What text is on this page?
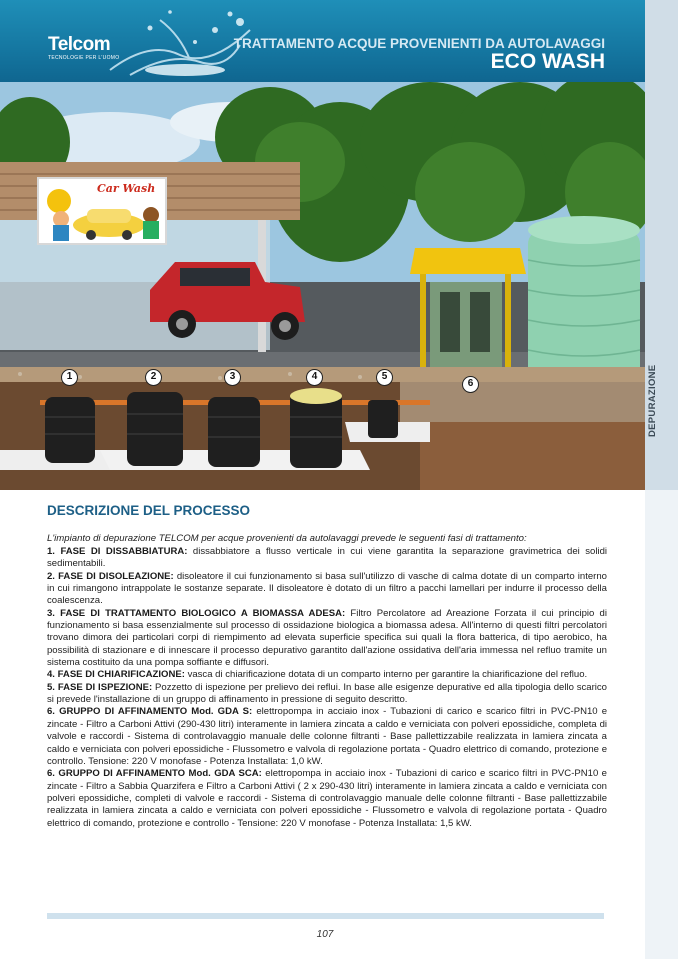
Telcom
TECNOLOGIE PER L'UOMO
TRATTAMENTO ACQUE PROVENIENTI DA AUTOLAVAGGI
ECO WASH
Car Wash
1	2	3	4	5
6
DESCRIZIONE DEL PROCESSO
L'impianto di depurazione TELCOM per acque provenienti da autolavaggi prevede le seguenti fasi di trattamento:

1. FASE DI DISSABBIATURA: dissabbiatore a flusso verticale in cui viene garantita la separazione gravimetrica dei solidi sedimentabili.

2. FASE DI DISOLEAZIONE: disoleatore il cui funzionamento si basa sull'utilizzo di vasche di calma dotate di un comparto interno in cui rimangono intrappolate le sostanze separate. Il disoleatore è dotato di un filtro a pacchi lamellari per indurre il processo della coalescenza.

3. FASE DI TRATTAMENTO BIOLOGICO A BIOMASSA ADESA: Filtro Percolatore ad Areazione Forzata il cui principio di funzionamento si basa essenzialmente sul processo di ossidazione biologica a biomassa adesa. All'interno di questi filtri percolatori trovano dimora dei particolari corpi di riempimento ad elevata superficie specifica sui quali la flora batterica, di tipo aerobico, ha possibilità di stazionare e di innescare il processo depurativo garantito dall'azione ossidativa dell'aria immessa nel refluo tramite un sistema costituito da una pompa soffiante e diffusori.

4. FASE DI CHIARIFICAZIONE: vasca di chiarificazione dotata di un comparto interno per garantire la chiarificazione del refluo.

5. FASE DI ISPEZIONE: Pozzetto di ispezione per prelievo dei reflui. In base alle esigenze depurative ed alla tipologia dello scarico si prevede l'installazione di un gruppo di affinamento in pressione di seguito descritto.

6. GRUPPO DI AFFINAMENTO Mod. GDA S: elettropompa in acciaio inox - Tubazioni di carico e scarico filtri in PVC-PN10 e zincate - Filtro a Carboni Attivi (290-430 litri) interamente in lamiera zincata a caldo e verniciata con polveri epossidiche, completa di valvole e raccordi - Sistema di controlavaggio manuale delle colonne filtranti - Base pallettizzabile realizzata in lamiera zincata a caldo e verniciata con polveri epossidiche - Flussometro e valvola di regolazione portata - Quadro elettrico di comando, protezione e controllo. Tensione: 220 V monofase - Potenza Installata: 1,0 kW.

6. GRUPPO DI AFFINAMENTO Mod. GDA SCA: elettropompa in acciaio inox - Tubazioni di carico e scarico filtri in PVC-PN10 e zincate - Filtro a Sabbia Quarzifera e Filtro a Carboni Attivi ( 2 x 290-430 litri) interamente in lamiera zincata a caldo e verniciata con polveri epossidiche, completi di valvole e raccordi - Sistema di controlavaggio manuale delle colonne filtranti - Base pallettizzabile realizzata in lamiera zincata a caldo e verniciata con polveri epossidiche - Flussometro e valvola di regolazione portata - Quadro elettrico di comando, protezione e controllo - Tensione: 220 V monofase - Potenza Installata: 1,5 kW.

107
